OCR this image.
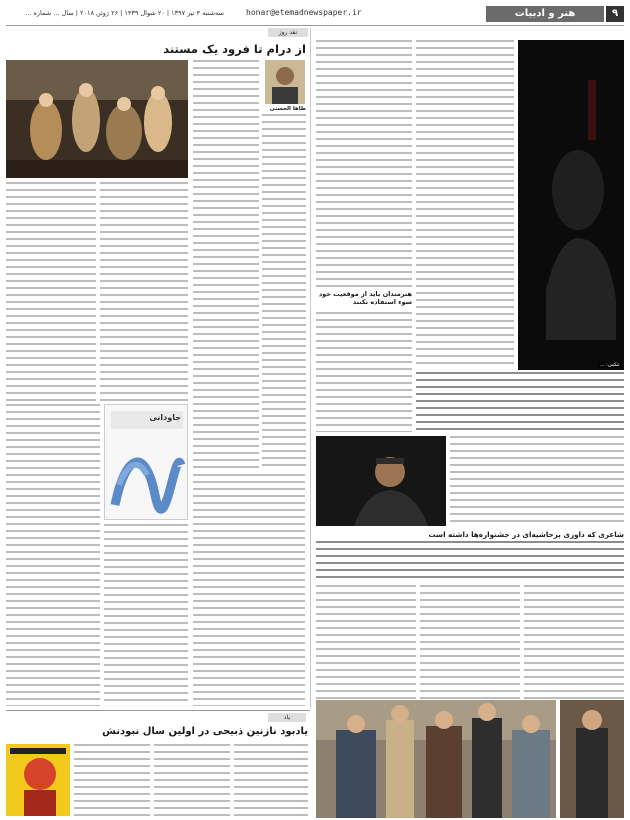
۹
هنر و ادبیات
honar@etemadnewspaper.ir
سه‌شنبه ۴ تیر ۱۳۹۷ | ۲۰ شوال ۱۴۳۹ | ۲۶ ژوئن ۲۰۱۸ | سال ... شماره ...
نقد روز
از درام تا فرود یک مستند
طاها الحسنی
جاودانی
عکس: ...
هنرمندان باید از موقعیت خود سوء استفاده نکنند
شاعری که داوری پرحاشیه‌ای در جشنواره‌ها داشته است
یاد
یادبود نازنین ذبیحی در اولین سال نبودنش
